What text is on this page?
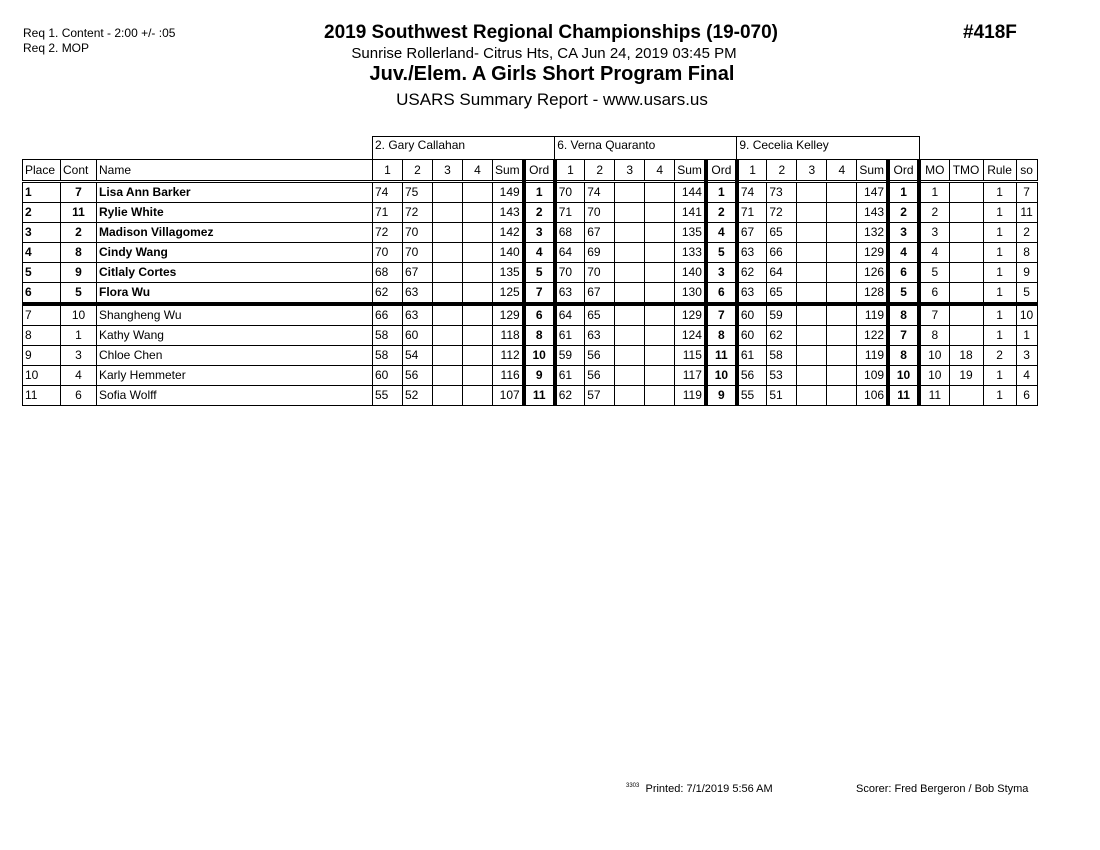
Req 1. Content - 2:00 +/- :05
Req 2. MOP
2019 Southwest Regional Championships (19-070)
Sunrise Rollerland- Citrus Hts, CA Jun 24, 2019 03:45 PM
Juv./Elem. A Girls Short Program Final
USARS Summary Report - www.usars.us
#418F
			2. Gary Callahan						6. Verna Quaranto						9. Cecelia Kelley									
Place	Cont	Name	1	2	3	4	Sum	Ord	1	2	3	4	Sum	Ord	1	2	3	4	Sum	Ord	MO	TMO	Rule	so
1	7	Lisa Ann Barker	74	75			149	1	70	74			144	1	74	73			147	1	1		1	7
2	11	Rylie White	71	72			143	2	71	70			141	2	71	72			143	2	2		1	11
3	2	Madison Villagomez	72	70			142	3	68	67			135	4	67	65			132	3	3		1	2
4	8	Cindy Wang	70	70			140	4	64	69			133	5	63	66			129	4	4		1	8
5	9	Citlaly Cortes	68	67			135	5	70	70			140	3	62	64			126	6	5		1	9
6	5	Flora Wu	62	63			125	7	63	67			130	6	63	65			128	5	6		1	5
7	10	Shangheng Wu	66	63			129	6	64	65			129	7	60	59			119	8	7		1	10
8	1	Kathy Wang	58	60			118	8	61	63			124	8	60	62			122	7	8		1	1
9	3	Chloe Chen	58	54			112	10	59	56			115	11	61	58			119	8	10	18	2	3
10	4	Karly Hemmeter	60	56			116	9	61	56			117	10	56	53			109	10	10	19	1	4
11	6	Sofia Wolff	55	52			107	11	62	57			119	9	55	51			106	11	11		1	6
$^{3303}$ Printed: 7/1/2019 5:56 AM	Scorer: Fred Bergeron / Bob Styma
